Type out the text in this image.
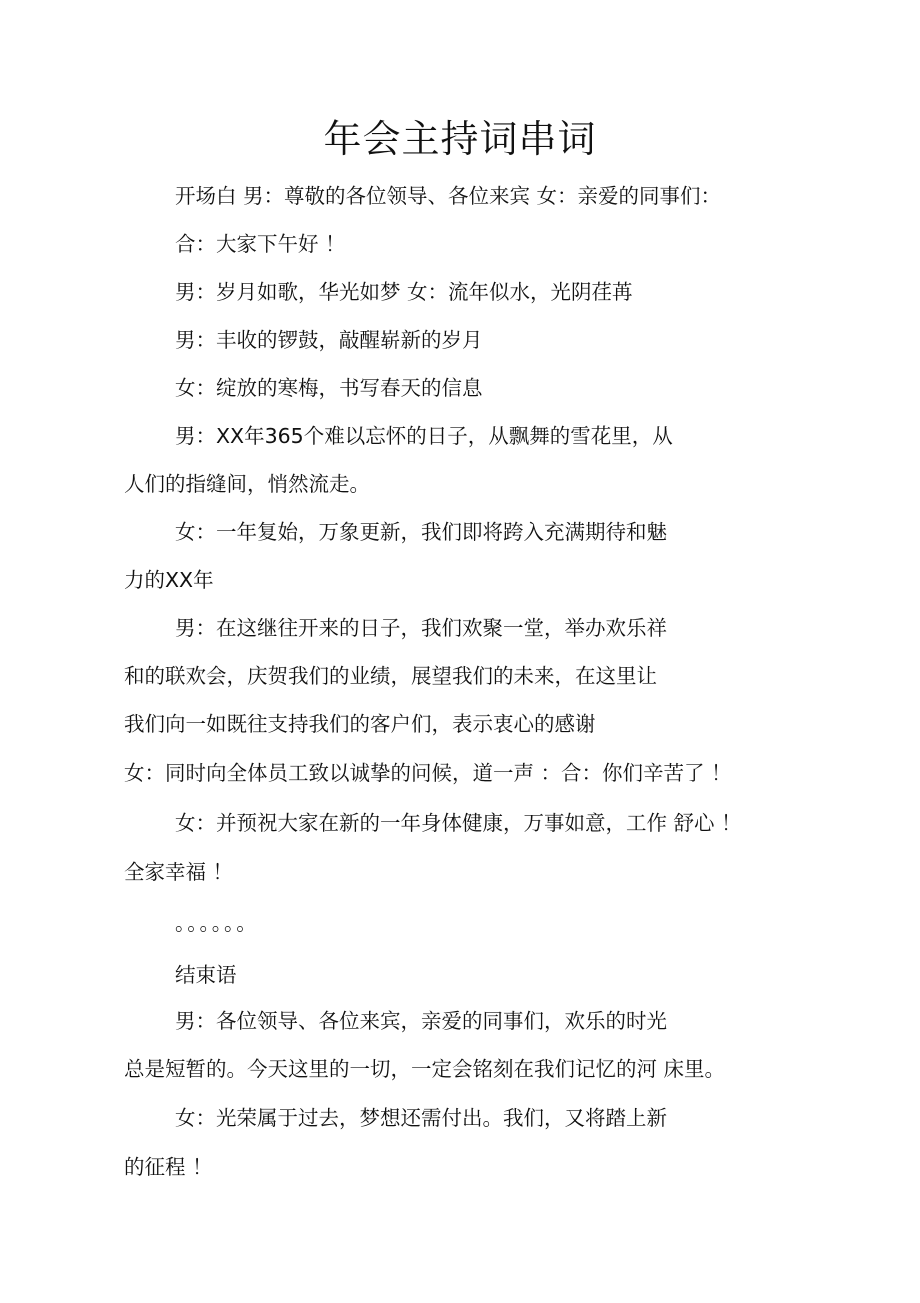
年会主持词串词
开场白 男：尊敬的各位领导、各位来宾 女：亲爱的同事们：
合：大家下午好 ！
男：岁月如歌，华光如梦 女：流年似水，光阴荏苒
男：丰收的锣鼓，敲醒崭新的岁月
女：绽放的寒梅，书写春天的信息
男：XX年365个难以忘怀的日子，从飘舞的雪花里，从
人们的指缝间，悄然流走。
女：一年复始，万象更新，我们即将跨入充满期待和魅
力的XX年
男：在这继往开来的日子，我们欢聚一堂，举办欢乐祥
和的联欢会，庆贺我们的业绩，展望我们的未来，在这里让
我们向一如既往支持我们的客户们，表示衷心的感谢
女：同时向全体员工致以诚挚的问候，道一声 ：合：你们辛苦了 ！
女：并预祝大家在新的一年身体健康，万事如意，工作 舒心 ！
全家幸福 ！
。。。。。。
结束语
男：各位领导、各位来宾，亲爱的同事们，欢乐的时光
总是短暂的。今天这里的一切，一定会铭刻在我们记忆的河 床里。
女：光荣属于过去，梦想还需付出。我们，又将踏上新
的征程 ！
